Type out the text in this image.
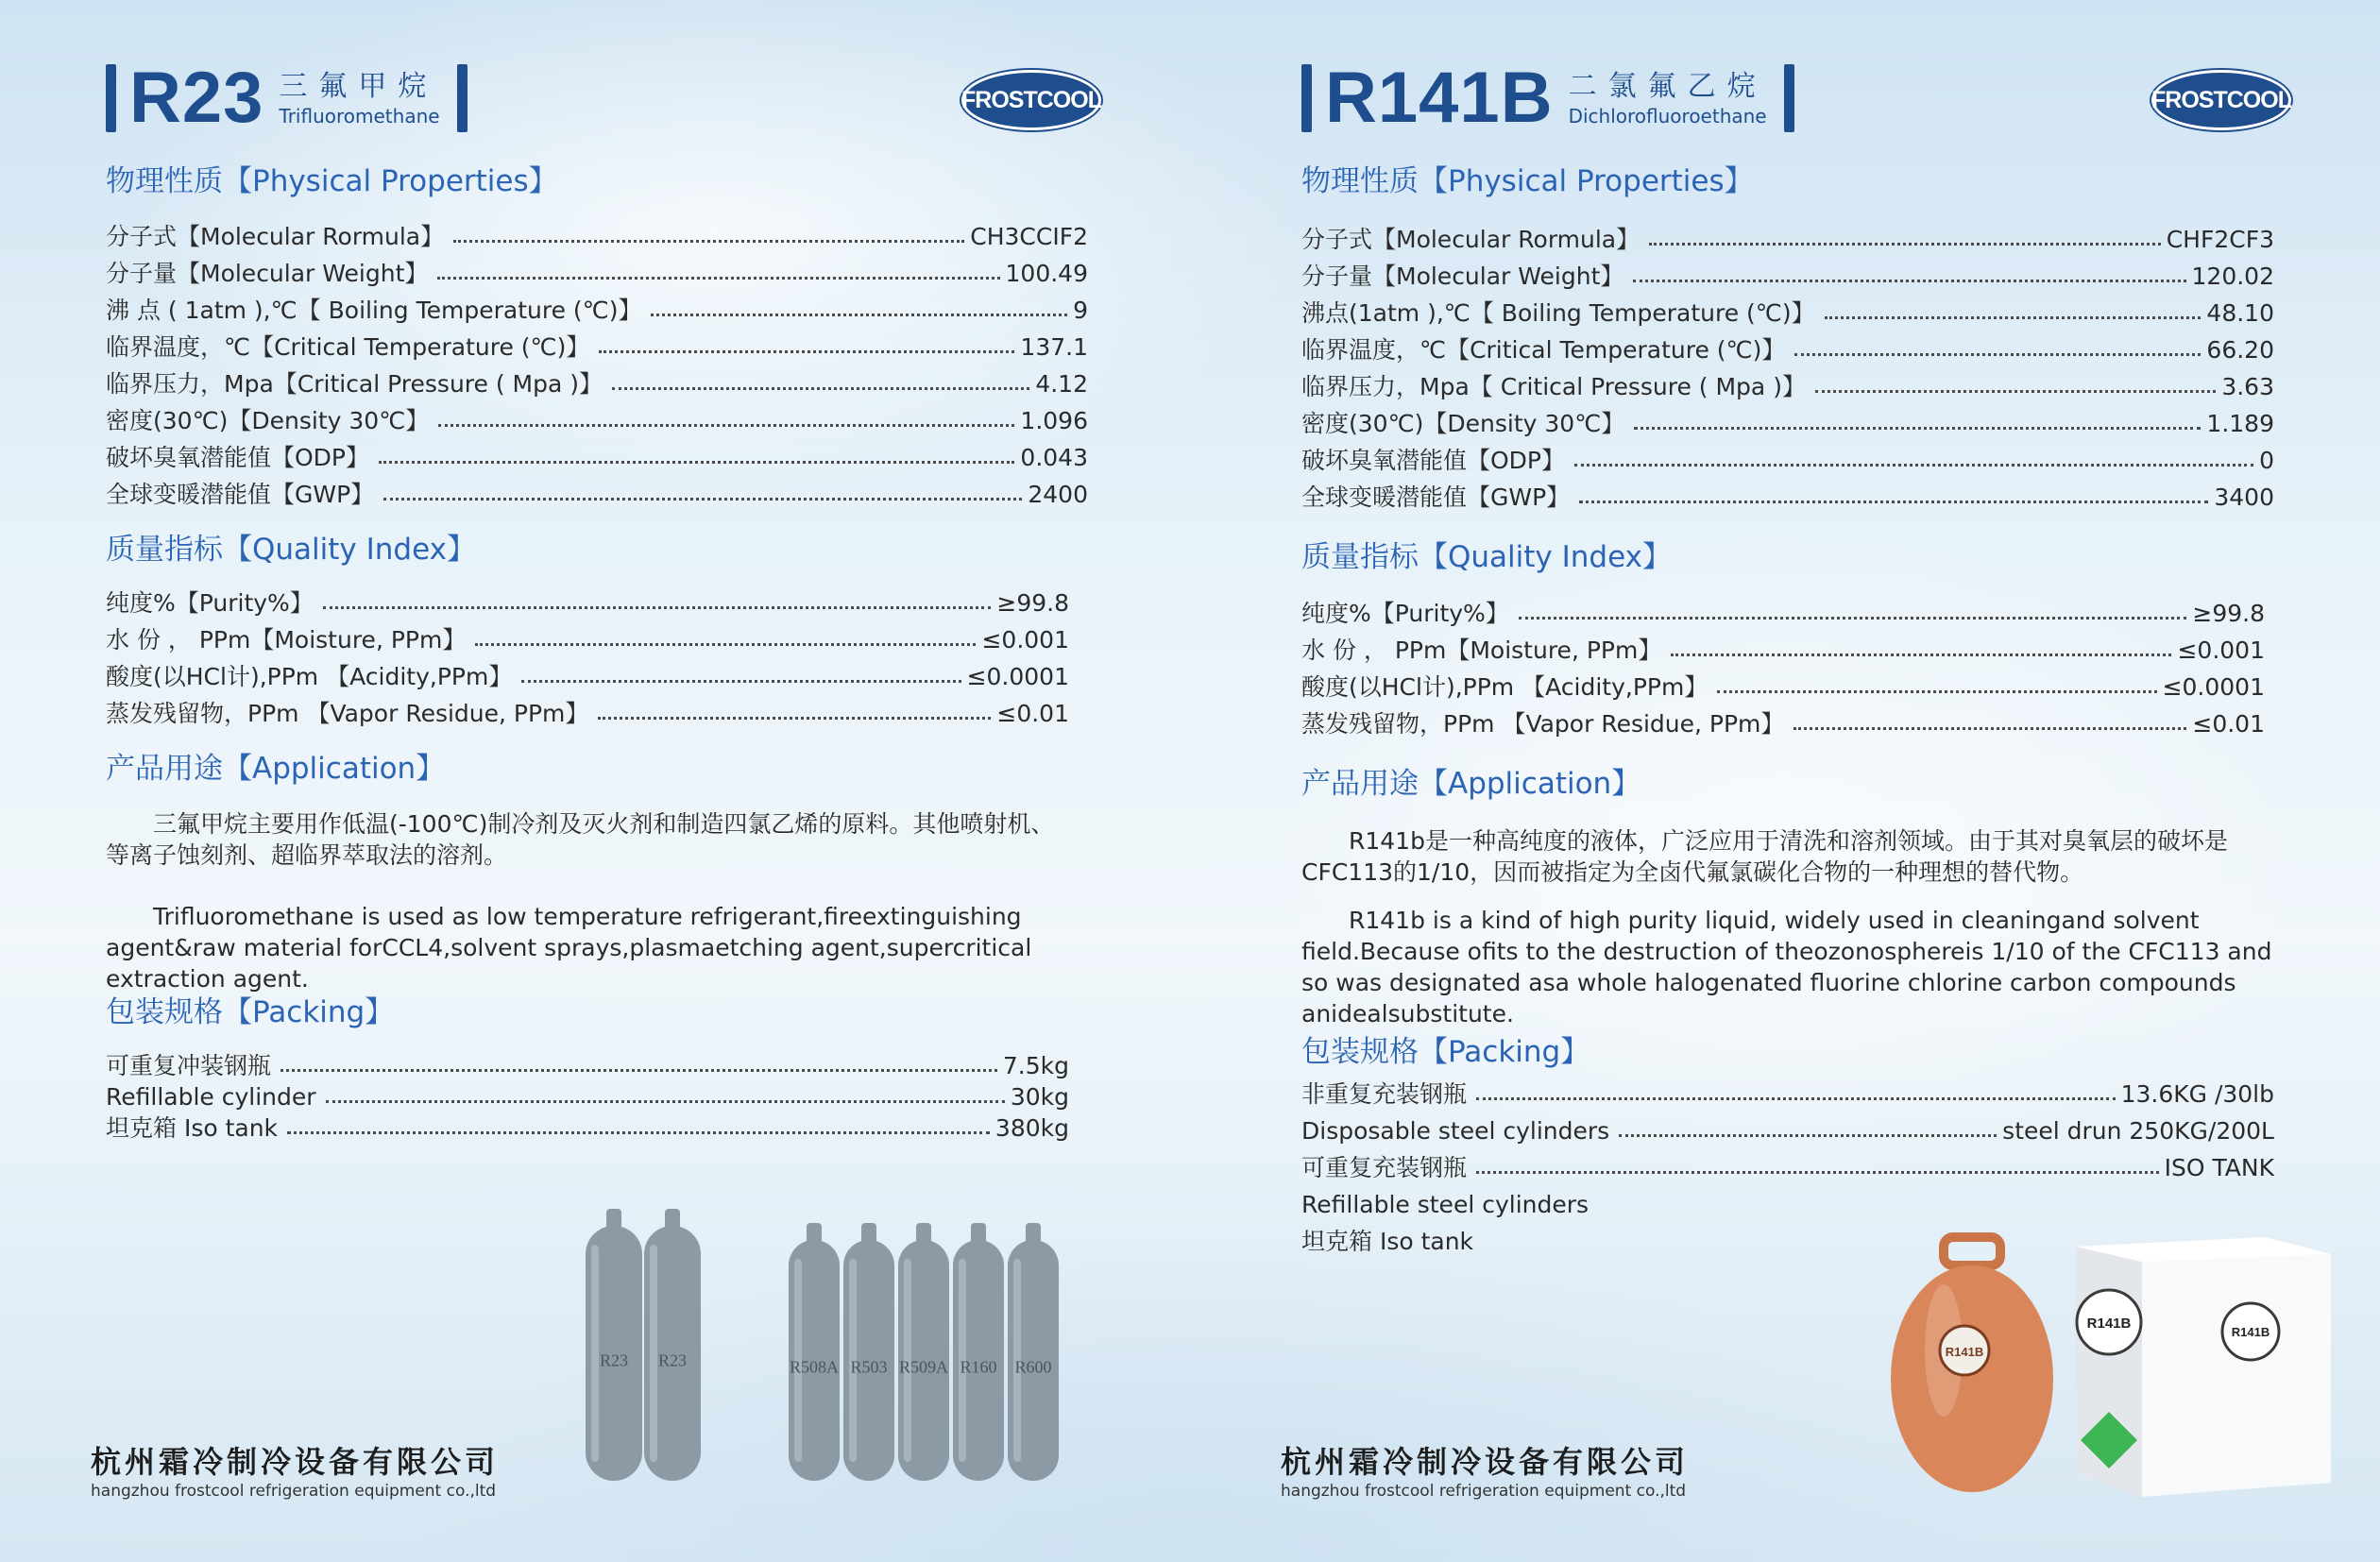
R23 三氟甲烷
Trifluoromethane
FROSTCOOL
物理性质【Physical Properties】
分子式【Molecular Rormula】	CH3CCIF2
分子量【Molecular Weight】	100.49
沸 点 ( 1atm ),℃【 Boiling Temperature (℃)】	9
临界温度，℃【Critical Temperature (℃)】	137.1
临界压力，Mpa【Critical Pressure ( Mpa )】	4.12
密度(30℃)【Density 30℃】	1.096
破坏臭氧潜能值【ODP】	0.043
全球变暖潜能值【GWP】	2400
质量指标【Quality Index】
纯度%【Purity%】	≥99.8
水 份 ， PPm【Moisture, PPm】	≤0.001
酸度(以HCl计),PPm 【Acidity,PPm】	≤0.0001
蒸发残留物，PPm 【Vapor Residue, PPm】	≤0.01
产品用途【Application】
三氟甲烷主要用作低温(-100℃)制冷剂及灭火剂和制造四氯乙烯的原料。其他喷射机、等离子蚀刻剂、超临界萃取法的溶剂。
Trifluoromethane is used as low temperature refrigerant,fireextinguishing agent&raw material forCCL4,solvent sprays,plasmaetching agent,supercritical extraction agent.
包装规格【Packing】
可重复冲装钢瓶	7.5kg
Refillable cylinder	30kg
坦克箱 Iso tank	380kg
R23 R23	R508A R503 R509A R160 R600
杭州霜冷制冷设备有限公司
hangzhou frostcool refrigeration equipment co.,ltd
R141B 二氯氟乙烷
Dichlorofluoroethane
FROSTCOOL
物理性质【Physical Properties】
分子式【Molecular Rormula】	CHF2CF3
分子量【Molecular Weight】	120.02
沸点(1atm ),℃【 Boiling Temperature (℃)】	48.10
临界温度，℃【Critical Temperature (℃)】	66.20
临界压力，Mpa【 Critical Pressure ( Mpa )】	3.63
密度(30℃)【Density 30℃】	1.189
破坏臭氧潜能值【ODP】	0
全球变暖潜能值【GWP】	3400
质量指标【Quality Index】
纯度%【Purity%】	≥99.8
水 份 ， PPm【Moisture, PPm】	≤0.001
酸度(以HCl计),PPm 【Acidity,PPm】	≤0.0001
蒸发残留物，PPm 【Vapor Residue, PPm】	≤0.01
产品用途【Application】
R141b是一种高纯度的液体，广泛应用于清洗和溶剂领域。由于其对臭氧层的破坏是CFC113的1/10，因而被指定为全卤代氟氯碳化合物的一种理想的替代物。
R141b is a kind of high purity liquid, widely used in cleaningand solvent field.Because ofits to the destruction of theozonosphereis 1/10 of the CFC113 and so was designated asa whole halogenated fluorine chlorine carbon compounds anidealsubstitute.
包装规格【Packing】
非重复充装钢瓶	13.6KG /30lb
Disposable steel cylinders	steel drun 250KG/200L
可重复充装钢瓶	ISO TANK
Refillable steel cylinders
坦克箱 Iso tank
R141B
R141B
R141B
杭州霜冷制冷设备有限公司
hangzhou frostcool refrigeration equipment co.,ltd
